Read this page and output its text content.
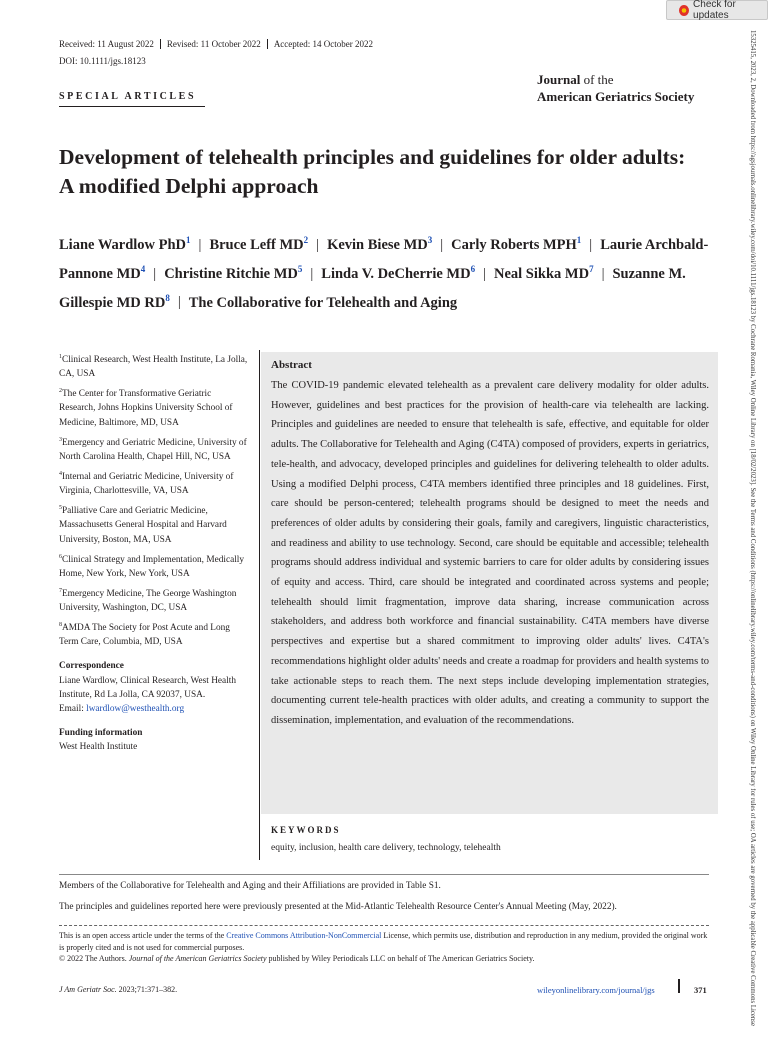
Check for updates
15325415, 2023, 2, Downloaded from https://agsjournals.onlinelibrary.wiley.com/doi/10.1111/jgs.18123 by Cochrane Romania, Wiley Online Library on [18/02/2023]. See the Terms and Conditions (https://onlinelibrary.wiley.com/terms-and-conditions) on Wiley Online Library for rules of use; OA articles are governed by the applicable Creative Commons License
Received: 11 August 2022	Revised: 11 October 2022	Accepted: 14 October 2022
DOI: 10.1111/jgs.18123
Journal of the
American Geriatrics Society
SPECIAL ARTICLES
Development of telehealth principles and guidelines for older adults: A modified Delphi approach
Liane Wardlow PhD$^1$ | Bruce Leff $MD^2$ | Kevin Biese $MD^3$ | Carly Roberts MPH$^1$ | Laurie Archbald-Pannone $MD^4$ | Christine Ritchie $MD^5$ | Linda V. DeCherrie $MD^6$ | Neal Sikka $MD^7$ | Suzanne M. Gillespie MD $RD^8$ | The Collaborative for Telehealth and Aging

$^1$Clinical Research, West Health Institute, La Jolla, CA, USA

$^2$The Center for Transformative Geriatric Research, Johns Hopkins University School of Medicine, Baltimore, MD, USA

$^3$Emergency and Geriatric Medicine, University of North Carolina Health, Chapel Hill, NC, USA

$^4$Internal and Geriatric Medicine, University of Virginia, Charlottesville, VA, USA

$^5$Palliative Care and Geriatric Medicine, Massachusetts General Hospital and Harvard University, Boston, MA, USA

$^6$Clinical Strategy and Implementation, Medically Home, New York, New York, USA

$^7$Emergency Medicine, The George Washington University, Washington, DC, USA

$^8$AMDA The Society for Post Acute and Long Term Care, Columbia, MD, USA

Correspondence

Liane Wardlow, Clinical Research, West Health Institute, Rd La Jolla, CA 92037, USA.
Email: lwardlow@westhealth.org

Funding information

West Health Institute

Abstract
The COVID-19 pandemic elevated telehealth as a prevalent care delivery modality for older adults. However, guidelines and best practices for the provision of health-care via telehealth are lacking. Principles and guidelines are needed to ensure that telehealth is safe, effective, and equitable for older adults. The Collaborative for Telehealth and Aging (C4TA) composed of providers, experts in geriatrics, tele-health, and advocacy, developed principles and guidelines for delivering telehealth to older adults. Using a modified Delphi process, C4TA members identified three principles and 18 guidelines. First, care should be person-centered; telehealth programs should be designed to meet the needs and preferences of older adults by considering their goals, family and caregivers, linguistic characteristics, and readiness and ability to use technology. Second, care should be equitable and accessible; telehealth programs should address individual and systemic barriers to care for older adults by considering issues of equity and access. Third, care should be integrated and coordinated across systems and people; telehealth should limit fragmentation, improve data sharing, increase communication across stakeholders, and address both workforce and financial sustainability. C4TA members have diverse perspectives and expertise but a shared commitment to improving older adults' lives. C4TA's recommendations highlight older adults' needs and create a roadmap for providers and health systems to take actionable steps to reach them. The next steps include developing implementation strategies, documenting current tele-health practices with older adults, and creating a community to support the dissemination, implementation, and evaluation of the recommendations.
KEYWORDS
equity, inclusion, health care delivery, technology, telehealth
Members of the Collaborative for Telehealth and Aging and their Affiliations are provided in Table S1.
The principles and guidelines reported here were previously presented at the Mid-Atlantic Telehealth Resource Center's Annual Meeting (May, 2022).
This is an open access article under the terms of the Creative Commons Attribution-NonCommercial License, which permits use, distribution and reproduction in any medium, provided the original work is properly cited and is not used for commercial purposes.
© 2022 The Authors. Journal of the American Geriatrics Society published by Wiley Periodicals LLC on behalf of The American Geriatrics Society.
J Am Geriatr Soc. 2023;71:371–382.	wileyonlinelibrary.com/journal/jgs	371
